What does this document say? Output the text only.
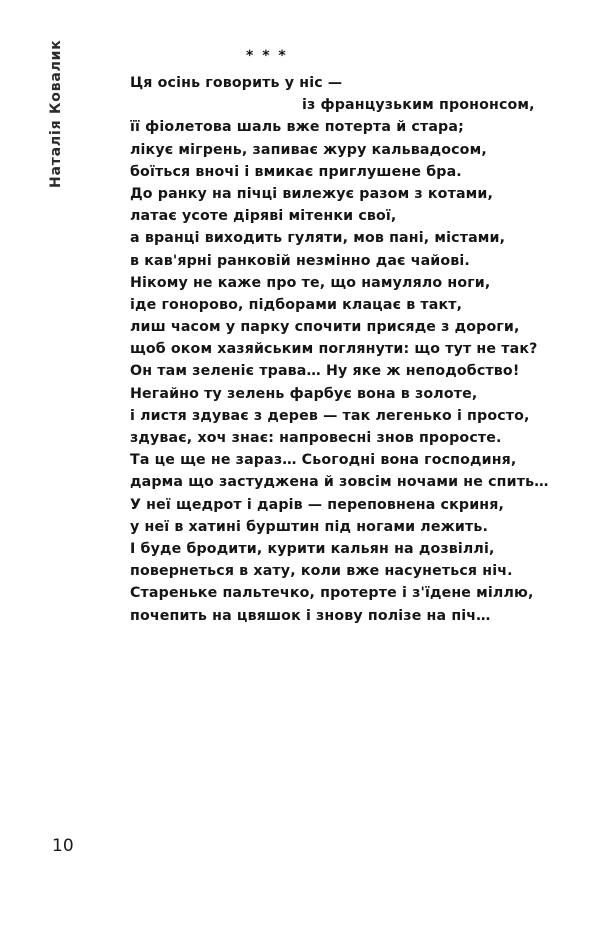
Наталія Ковалик	* * *
Ця осінь говорить у ніс —
із французьким прононсом,
її фіолетова шаль вже потерта й стара;
лікує мігрень, запиває журу кальвадосом,
боїться вночі і вмикає приглушене бра.
До ранку на пічці вилежує разом з котами,
латає усоте діряві мітенки свої,
а вранці виходить гуляти, мов пані, містами,
в кав'ярні ранковій незмінно дає чайові.
Нікому не каже про те, що намуляло ноги,
іде гоноровo, підборами клацає в такт,
лиш часом у парку спочити присяде з дороги,
щоб оком хазяйським поглянути: що тут не так?
Он там зеленіє трава… Ну яке ж неподобство!
Негайно ту зелень фарбує вона в золоте,
і листя здуває з дерев — так легенько і просто,
здуває, хоч знає: напровесні знов проросте.
Та це ще не зараз… Сьогодні вона господиня,
дарма що застуджена й зовсім ночами не спить…
У неї щедрот і дарів — переповнена скриня,
у неї в хатині бурштин під ногами лежить.
І буде бродити, курити кальян на дозвіллі,
повернеться в хату, коли вже насунеться ніч.
Старенькe пальтечко, протерте і з'їдене міллю,
почепить на цвяшок і знову полізе на піч…
10
